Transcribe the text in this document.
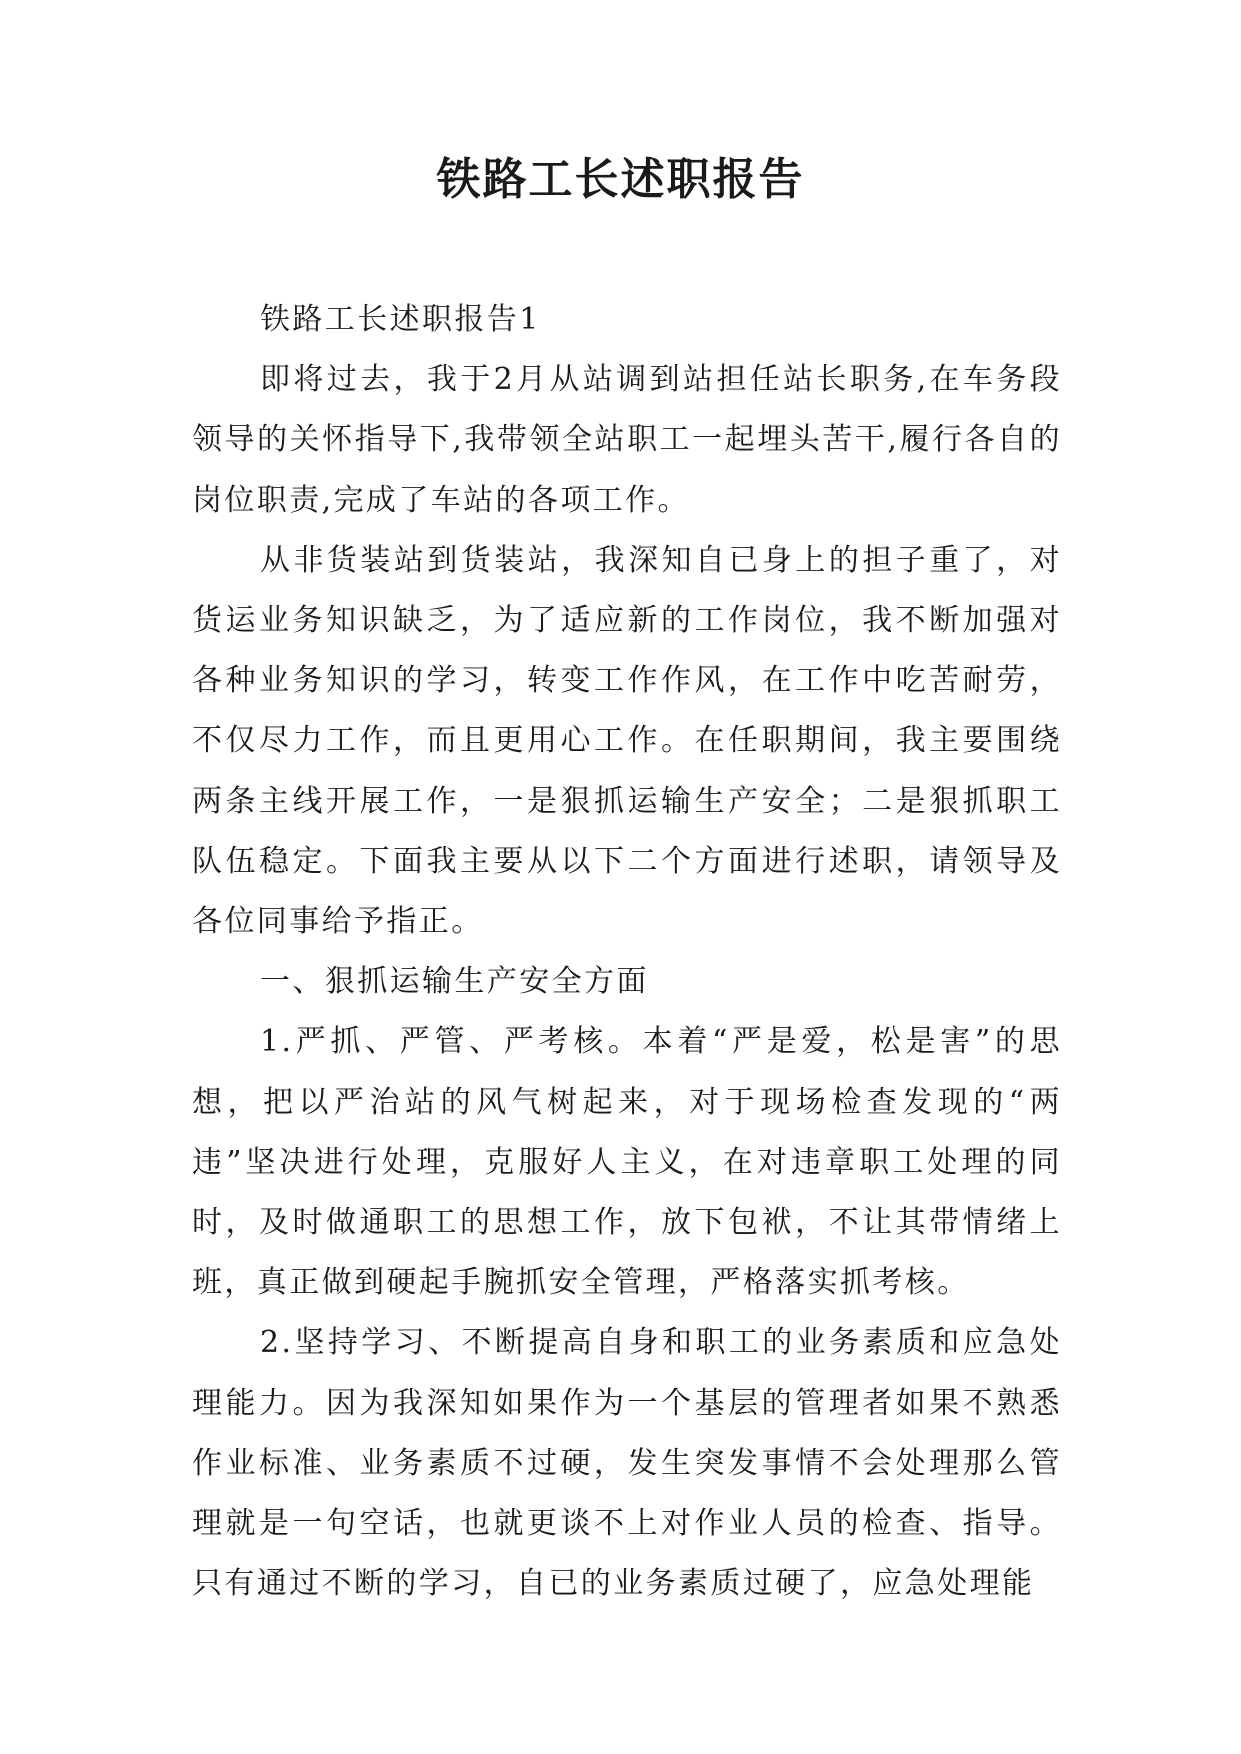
铁路工长述职报告

铁路工长述职报告1

即将过去，我于2月从站调到站担任站长职务,在车务段领导的关怀指导下,我带领全站职工一起埋头苦干,履行各自的岗位职责,完成了车站的各项工作。

从非货装站到货装站，我深知自已身上的担子重了，对货运业务知识缺乏，为了适应新的工作岗位，我不断加强对各种业务知识的学习，转变工作作风，在工作中吃苦耐劳，不仅尽力工作，而且更用心工作。在任职期间，我主要围绕两条主线开展工作，一是狠抓运输生产安全；二是狠抓职工队伍稳定。下面我主要从以下二个方面进行述职，请领导及各位同事给予指正。

一、狠抓运输生产安全方面

1.严抓、严管、严考核。本着“严是爱，松是害”的思想，把以严治站的风气树起来，对于现场检查发现的“两违”坚决进行处理，克服好人主义，在对违章职工处理的同时，及时做通职工的思想工作，放下包袱，不让其带情绪上班，真正做到硬起手腕抓安全管理，严格落实抓考核。

2.坚持学习、不断提高自身和职工的业务素质和应急处理能力。因为我深知如果作为一个基层的管理者如果不熟悉作业标准、业务素质不过硬，发生突发事情不会处理那么管理就是一句空话，也就更谈不上对作业人员的检查、指导。只有通过不断的学习，自已的业务素质过硬了，应急处理能
